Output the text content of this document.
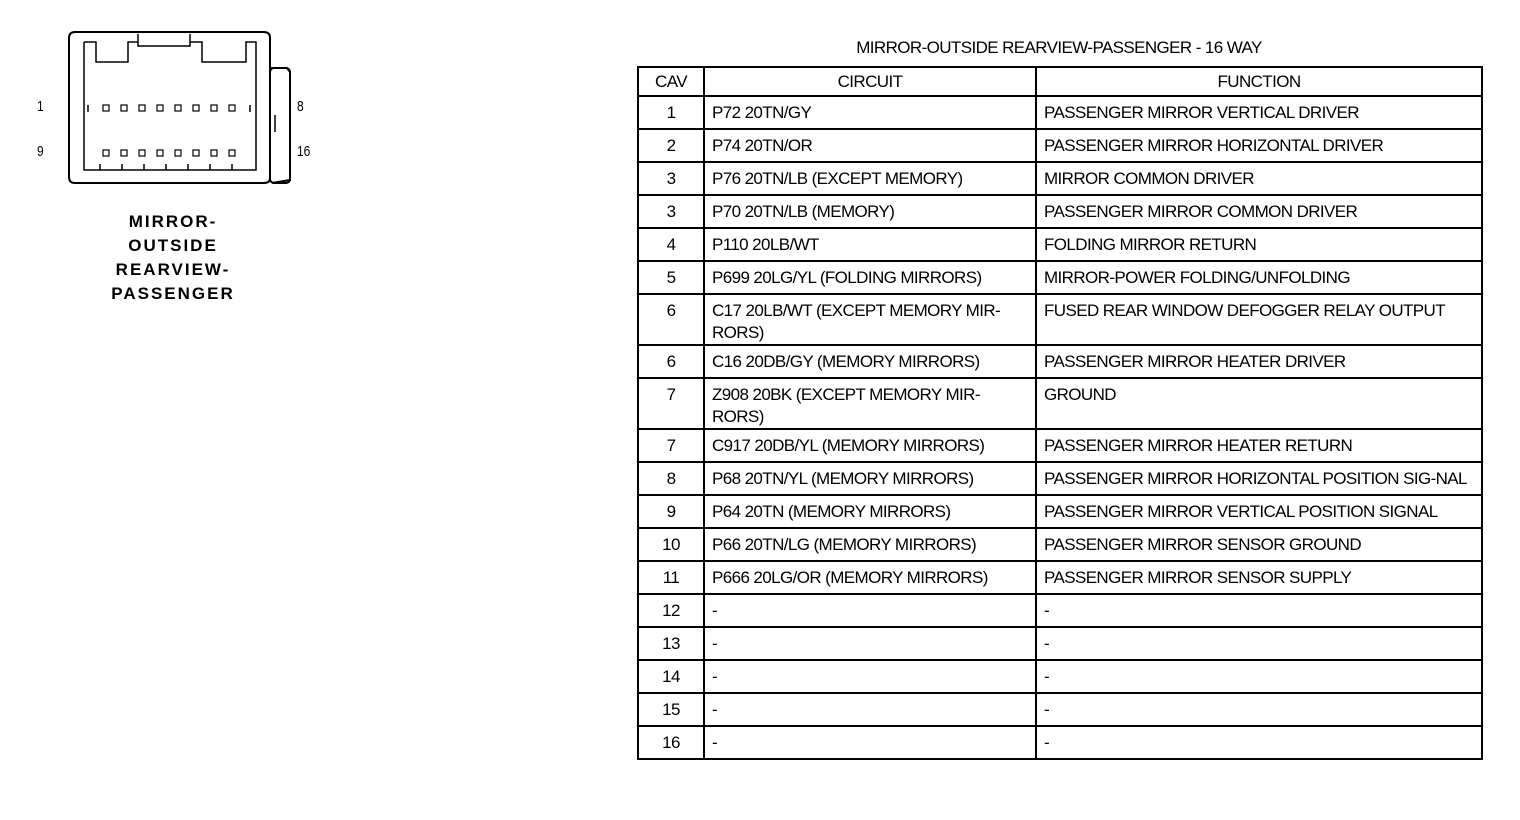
1	8
9	16
MIRROR-
OUTSIDE
REARVIEW-
PASSENGER
MIRROR-OUTSIDE REARVIEW-PASSENGER - 16 WAY
CAV	CIRCUIT	FUNCTION
1	P72 20TN/GY	PASSENGER MIRROR VERTICAL DRIVER
2	P74 20TN/OR	PASSENGER MIRROR HORIZONTAL DRIVER
3	P76 20TN/LB (EXCEPT MEMORY)	MIRROR COMMON DRIVER
3	P70 20TN/LB (MEMORY)	PASSENGER MIRROR COMMON DRIVER
4	P110 20LB/WT	FOLDING MIRROR RETURN
5	P699 20LG/YL (FOLDING MIRRORS)	MIRROR-POWER FOLDING/UNFOLDING
6	C17 20LB/WT (EXCEPT MEMORY MIR-RORS)	FUSED REAR WINDOW DEFOGGER RELAY OUTPUT
6	C16 20DB/GY (MEMORY MIRRORS)	PASSENGER MIRROR HEATER DRIVER
7	Z908 20BK (EXCEPT MEMORY MIR-RORS)	GROUND
7	C917 20DB/YL (MEMORY MIRRORS)	PASSENGER MIRROR HEATER RETURN
8	P68 20TN/YL (MEMORY MIRRORS)	PASSENGER MIRROR HORIZONTAL POSITION SIG-NAL
9	P64 20TN (MEMORY MIRRORS)	PASSENGER MIRROR VERTICAL POSITION SIGNAL
10	P66 20TN/LG (MEMORY MIRRORS)	PASSENGER MIRROR SENSOR GROUND
11	P666 20LG/OR (MEMORY MIRRORS)	PASSENGER MIRROR SENSOR SUPPLY
12	-	-
13	-	-
14	-	-
15	-	-
16	-	-
